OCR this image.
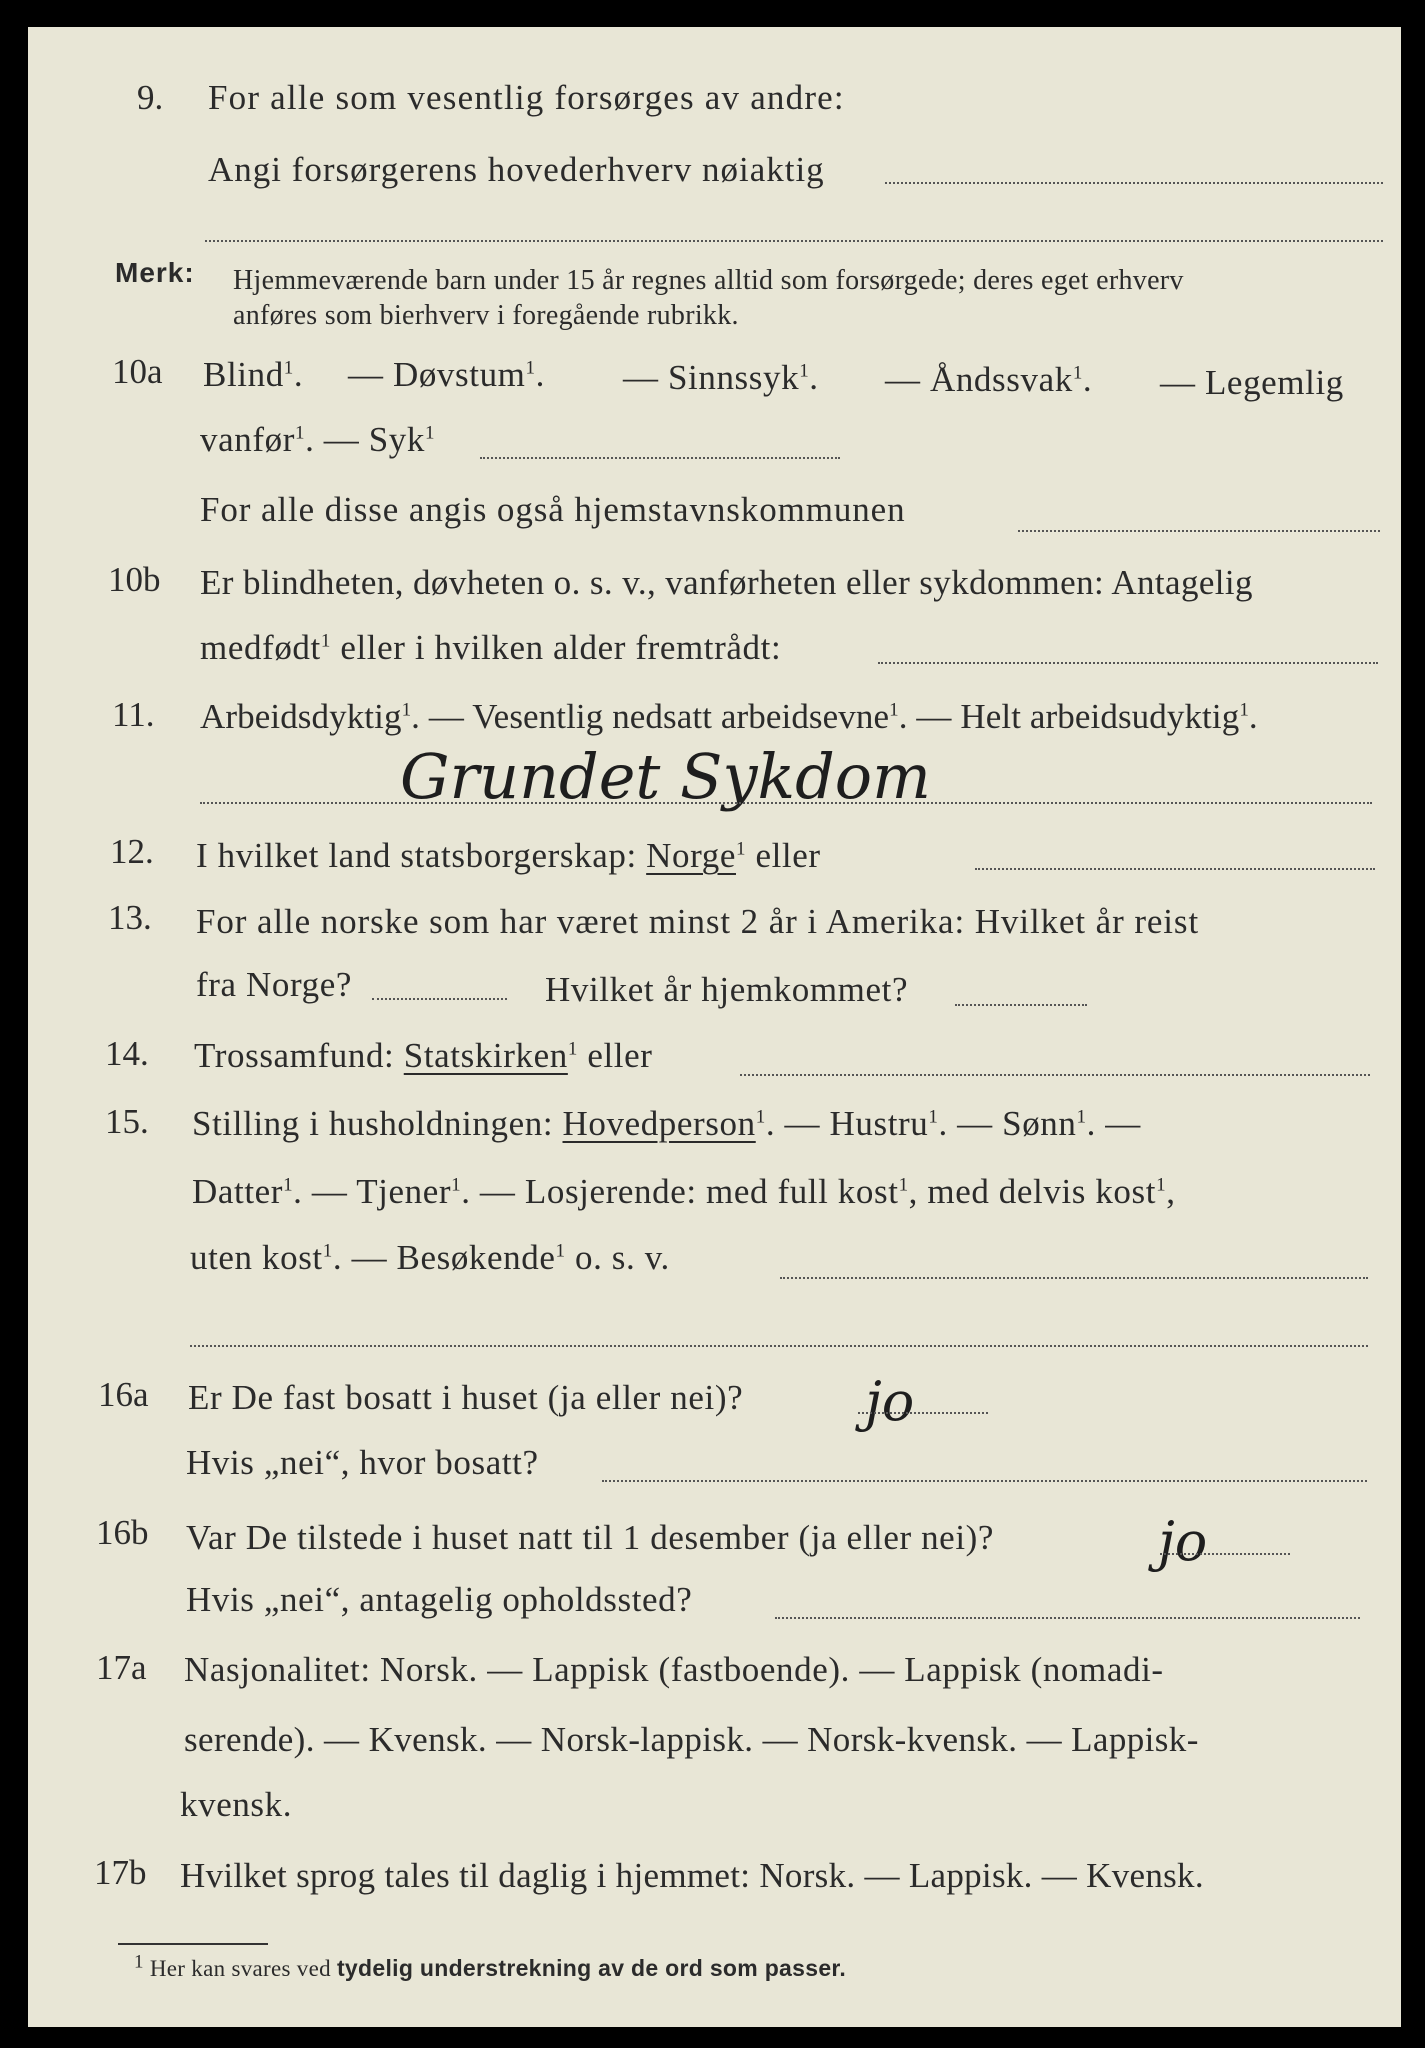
9. For alle som vesentlig forsørges av andre:
Angi forsørgerens hovederhverv nøiaktig
Merk: Hjemmeværende barn under 15 år regnes alltid som forsørgede; deres eget erhverv
anføres som bierhverv i foregående rubrikk.
10a Blind$^1$. — Døvstum$^1$. — Sinnssyk$^1$. — Åndssvak$^1$. — Legemlig
vanfør$^1$. — Syk$^1$
For alle disse angis også hjemstavnskommunen
10b Er blindheten, døvheten o. s. v., vanførheten eller sykdommen: Antagelig
medfødt$^1$ eller i hvilken alder fremtrådt:
11. Arbeidsdyktig$^1$. — Vesentlig nedsatt arbeidsevne$^1$. — Helt arbeidsudyktig$^1$.
Grundet Sykdom
12. I hvilket land statsborgerskap: Norge$^1$ eller
13. For alle norske som har været minst 2 år i Amerika: Hvilket år reist
fra Norge?	Hvilket år hjemkommet?
14. Trossamfund: Statskirken$^1$ eller
15. Stilling i husholdningen: Hovedperson$^1$. — Hustru$^1$. — Sønn$^1$. —
Datter$^1$. — Tjener$^1$. — Losjerende: med full kost$^1$, med delvis kost$^1$,
uten kost$^1$. — Besøkende$^1$ o. s. v.
16a Er De fast bosatt i huset (ja eller nei)? jo
Hvis „nei“, hvor bosatt?
16b Var De tilstede i huset natt til 1 desember (ja eller nei)?	jo
Hvis „nei“, antagelig opholdssted?
17a Nasjonalitet: Norsk. — Lappisk (fastboende). — Lappisk (nomadi-
serende). — Kvensk. — Norsk-lappisk. — Norsk-kvensk. — Lappisk-
kvensk.
17b Hvilket sprog tales til daglig i hjemmet: Norsk. — Lappisk. — Kvensk.
$^1$ Her kan svares ved tydelig understrekning av de ord som passer.
